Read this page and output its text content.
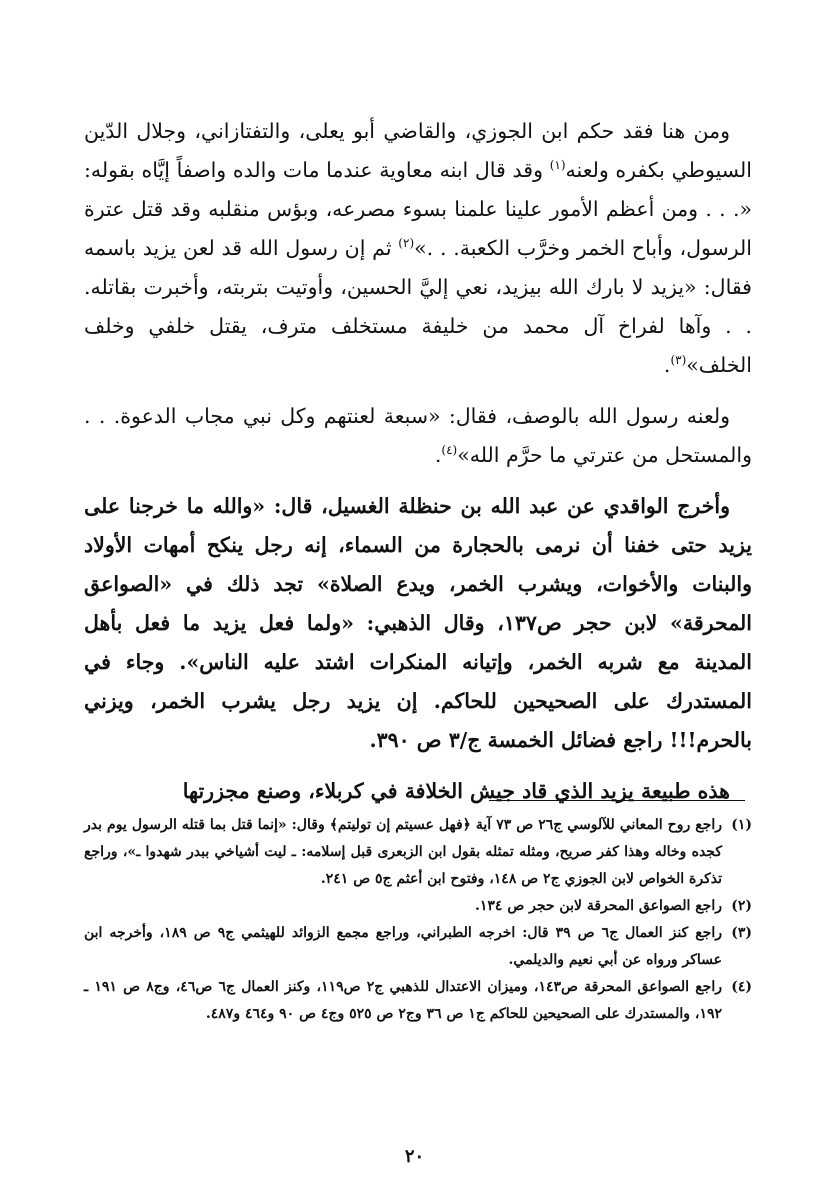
ومن هنا فقد حكم ابن الجوزي، والقاضي أبو يعلى، والتفتازاني، وجلال الدّين السيوطي بكفره ولعنه$^{(١)}$ وقد قال ابنه معاوية عندما مات والده واصفاً إيَّاه بقوله: «. . . ومن أعظم الأمور علينا علمنا بسوء مصرعه، وبؤس منقلبه وقد قتل عترة الرسول، وأباح الخمر وخرَّب الكعبة. . .»$^{(٢)}$ ثم إن رسول الله قد لعن يزيد باسمه فقال: «يزيد لا بارك الله بيزيد، نعي إليَّ الحسين، وأوتيت بتربته، وأخبرت بقاتله. . . وآها لفراخ آل محمد من خليفة مستخلف مترف، يقتل خلفي وخلف الخلف»$^{(٣)}$.

ولعنه رسول الله بالوصف، فقال: «سبعة لعنتهم وكل نبي مجاب الدعوة. . . والمستحل من عترتي ما حرَّم الله»$^{(٤)}$.

وأخرج الواقدي عن عبد الله بن حنظلة الغسيل، قال: «والله ما خرجنا على يزيد حتى خفنا أن نرمى بالحجارة من السماء، إنه رجل ينكح أمهات الأولاد والبنات والأخوات، ويشرب الخمر، ويدع الصلاة» تجد ذلك في «الصواعق المحرقة» لابن حجر ص١٣٧، وقال الذهبي: «ولما فعل يزيد ما فعل بأهل المدينة مع شربه الخمر، وإتيانه المنكرات اشتد عليه الناس». وجاء في المستدرك على الصحيحين للحاكم. إن يزيد رجل يشرب الخمر، ويزني بالحرم!!! راجع فضائل الخمسة ج/٣ ص ٣٩٠.

هذه طبيعة يزيد الذي قاد جيش الخلافة في كربلاء، وصنع مجزرتها

(١)
راجع روح المعاني للآلوسي ج٢٦ ص ٧٣ آية ﴿فهل عسيتم إن توليتم﴾ وقال: «إنما قتل بما قتله الرسول يوم بدر كجده وخاله وهذا كفر صريح، ومثله تمثله بقول ابن الزبعرى قبل إسلامه: ـ ليت أشياخي ببدر شهدوا ـ»، وراجع تذكرة الخواص لابن الجوزي ج٢ ص ١٤٨، وفتوح ابن أعثم ج٥ ص ٢٤١.
(٢)
راجع الصواعق المحرقة لابن حجر ص ١٣٤.
(٣)
راجع كنز العمال ج٦ ص ٣٩ قال: اخرجه الطبراني، وراجع مجمع الزوائد للهيثمي ج٩ ص ١٨٩، وأخرجه ابن عساكر ورواه عن أبي نعيم والديلمي.
(٤)
راجع الصواعق المحرقة ص١٤٣، وميزان الاعتدال للذهبي ج٢ ص١١٩، وكنز العمال ج٦ ص٤٦، وج٨ ص ١٩١ ـ ١٩٢، والمستدرك على الصحيحين للحاكم ج١ ص ٣٦ وج٢ ص ٥٢٥ وج٤ ص ٩٠ و٤٦٤ و٤٨٧.
٢٠
